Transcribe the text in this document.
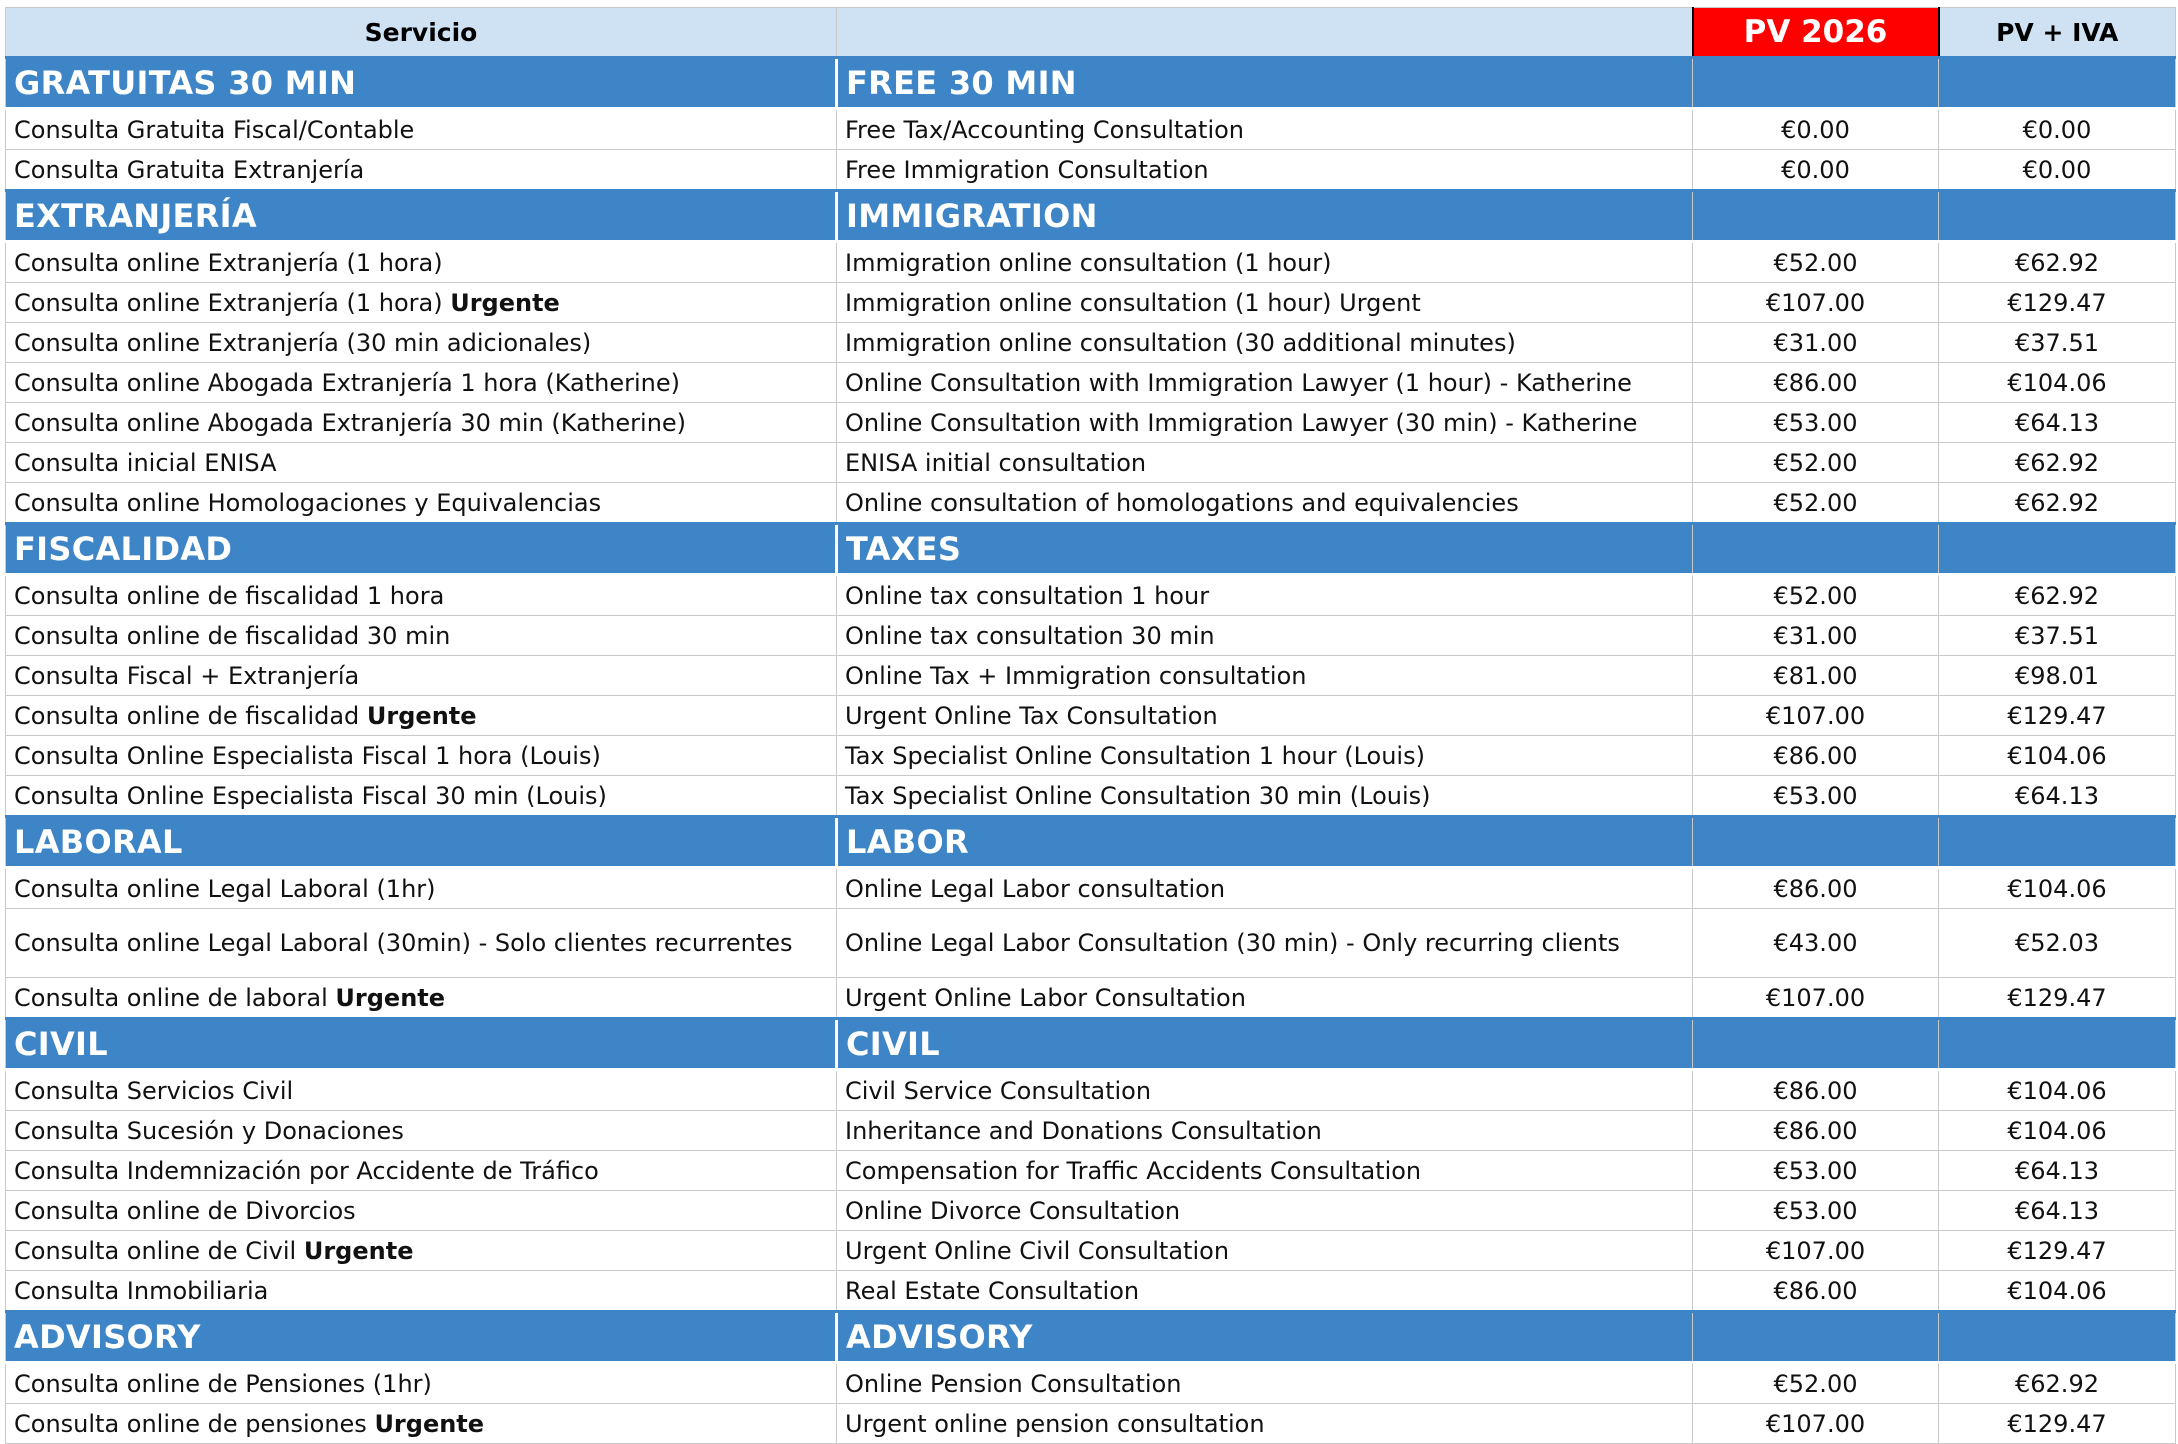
Servicio		PV 2026	PV + IVA
GRATUITAS 30 MIN	FREE 30 MIN		
Consulta Gratuita Fiscal/Contable	Free Tax/Accounting Consultation	€0.00	€0.00
Consulta Gratuita Extranjería	Free Immigration Consultation	€0.00	€0.00
EXTRANJERÍA	IMMIGRATION		
Consulta online Extranjería (1 hora)	Immigration online consultation (1 hour)	€52.00	€62.92
Consulta online Extranjería (1 hora) Urgente	Immigration online consultation (1 hour) Urgent	€107.00	€129.47
Consulta online Extranjería (30 min adicionales)	Immigration online consultation (30 additional minutes)	€31.00	€37.51
Consulta online Abogada Extranjería 1 hora (Katherine)	Online Consultation with Immigration Lawyer (1 hour) - Katherine	€86.00	€104.06
Consulta online Abogada Extranjería 30 min (Katherine)	Online Consultation with Immigration Lawyer (30 min) - Katherine	€53.00	€64.13
Consulta inicial ENISA	ENISA initial consultation	€52.00	€62.92
Consulta online Homologaciones y Equivalencias	Online consultation of homologations and equivalencies	€52.00	€62.92
FISCALIDAD	TAXES		
Consulta online de fiscalidad 1 hora	Online tax consultation 1 hour	€52.00	€62.92
Consulta online de fiscalidad 30 min	Online tax consultation 30 min	€31.00	€37.51
Consulta Fiscal + Extranjería	Online Tax + Immigration consultation	€81.00	€98.01
Consulta online de fiscalidad Urgente	Urgent Online Tax Consultation	€107.00	€129.47
Consulta Online Especialista Fiscal 1 hora (Louis)	Tax Specialist Online Consultation 1 hour (Louis)	€86.00	€104.06
Consulta Online Especialista Fiscal 30 min (Louis)	Tax Specialist Online Consultation 30 min (Louis)	€53.00	€64.13
LABORAL	LABOR		
Consulta online Legal Laboral (1hr)	Online Legal Labor consultation	€86.00	€104.06
Consulta online Legal Laboral (30min) - Solo clientes recurrentes	Online Legal Labor Consultation (30 min) - Only recurring clients	€43.00	€52.03
Consulta online de laboral Urgente	Urgent Online Labor Consultation	€107.00	€129.47
CIVIL	CIVIL		
Consulta Servicios Civil	Civil Service Consultation	€86.00	€104.06
Consulta Sucesión y Donaciones	Inheritance and Donations Consultation	€86.00	€104.06
Consulta Indemnización por Accidente de Tráfico	Compensation for Traffic Accidents Consultation	€53.00	€64.13
Consulta online de Divorcios	Online Divorce Consultation	€53.00	€64.13
Consulta online de Civil Urgente	Urgent Online Civil Consultation	€107.00	€129.47
Consulta Inmobiliaria	Real Estate Consultation	€86.00	€104.06
ADVISORY	ADVISORY		
Consulta online de Pensiones (1hr)	Online Pension Consultation	€52.00	€62.92
Consulta online de pensiones Urgente	Urgent online pension consultation	€107.00	€129.47
